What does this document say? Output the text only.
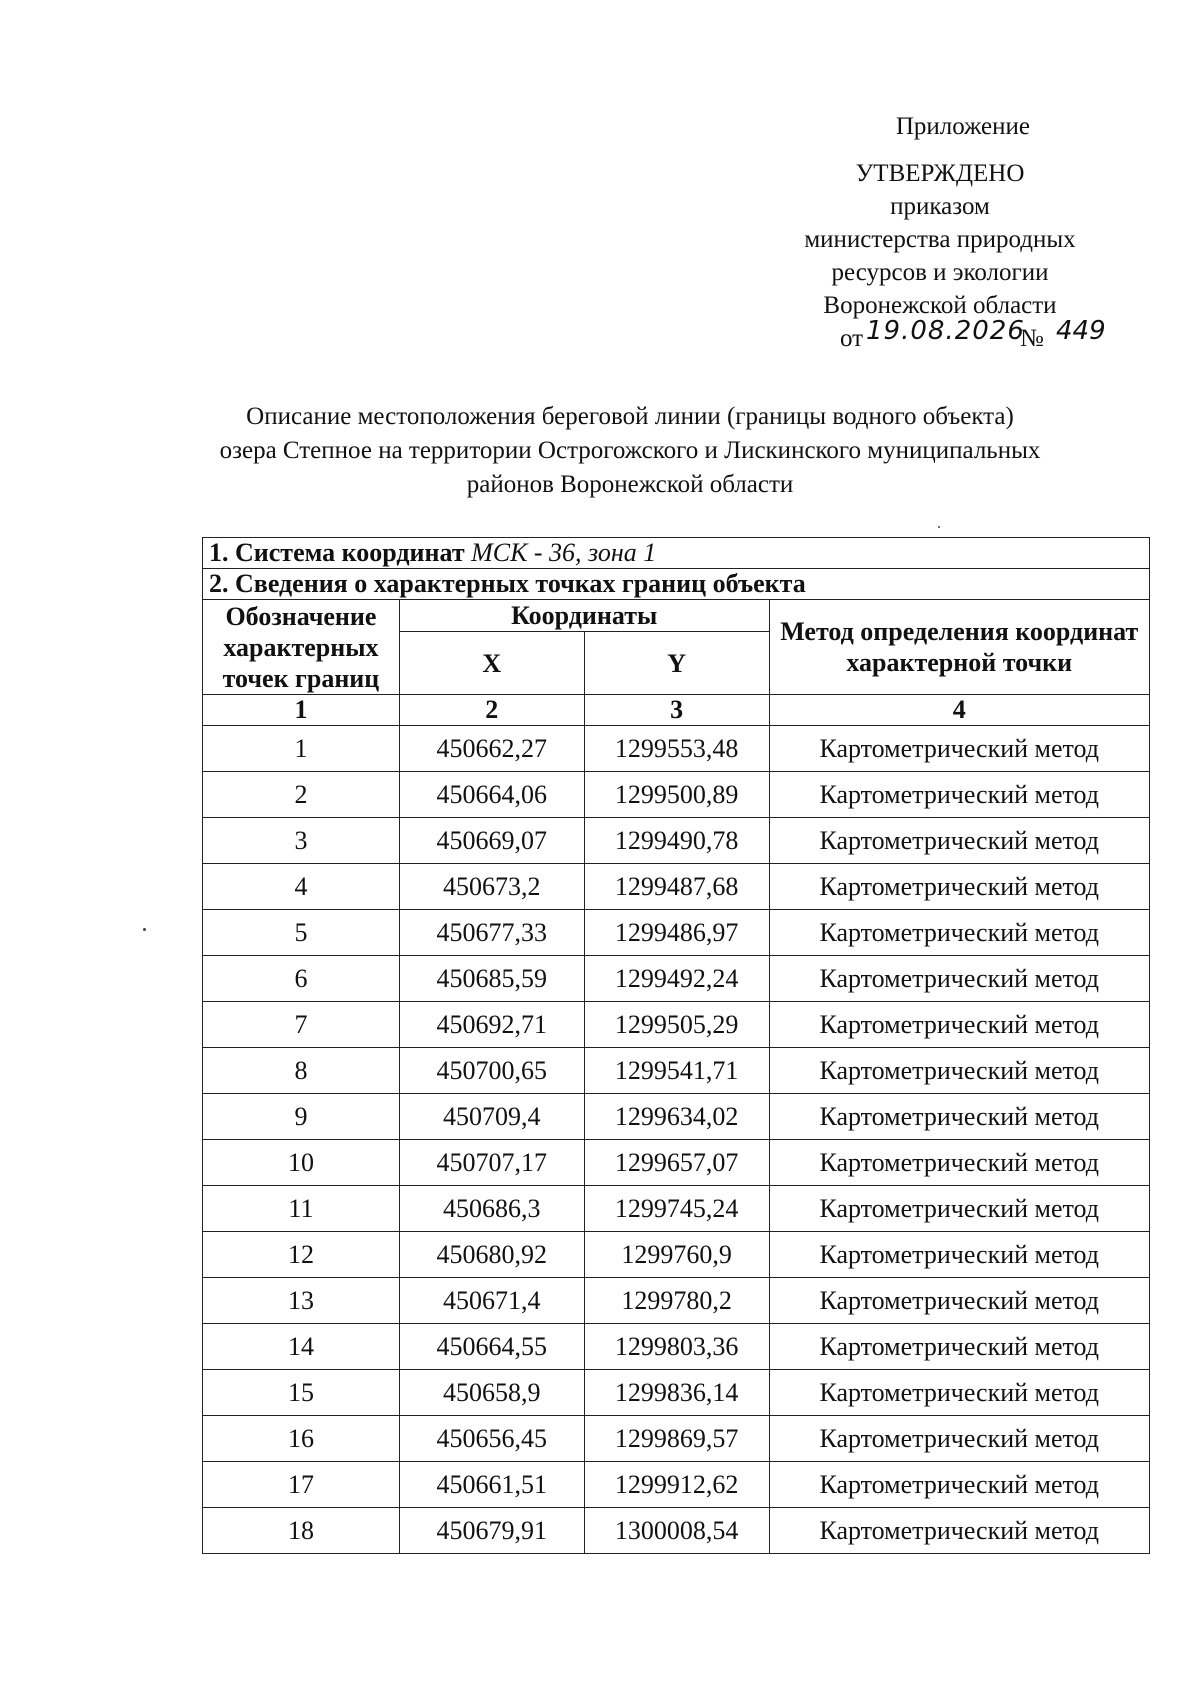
Приложение
УТВЕРЖДЕНО
приказом
министерства природных
ресурсов и экологии
Воронежской области
от 19.08.2026
№ 449
Описание местоположения береговой линии (границы водного объекта)
озера Степное на территории Острогожского и Лискинского муниципальных
районов Воронежской области
1. Система координат МСК - 36, зона 1			
2. Сведения о характерных точках границ объекта			
Обозначение характерных точек границ	Координаты		Метод определения координат характерной точки
	X	Y	
1	2	3	4
1	450662,27	1299553,48	Картометрический метод
2	450664,06	1299500,89	Картометрический метод
3	450669,07	1299490,78	Картометрический метод
4	450673,2	1299487,68	Картометрический метод
5	450677,33	1299486,97	Картометрический метод
6	450685,59	1299492,24	Картометрический метод
7	450692,71	1299505,29	Картометрический метод
8	450700,65	1299541,71	Картометрический метод
9	450709,4	1299634,02	Картометрический метод
10	450707,17	1299657,07	Картометрический метод
11	450686,3	1299745,24	Картометрический метод
12	450680,92	1299760,9	Картометрический метод
13	450671,4	1299780,2	Картометрический метод
14	450664,55	1299803,36	Картометрический метод
15	450658,9	1299836,14	Картометрический метод
16	450656,45	1299869,57	Картометрический метод
17	450661,51	1299912,62	Картометрический метод
18	450679,91	1300008,54	Картометрический метод
